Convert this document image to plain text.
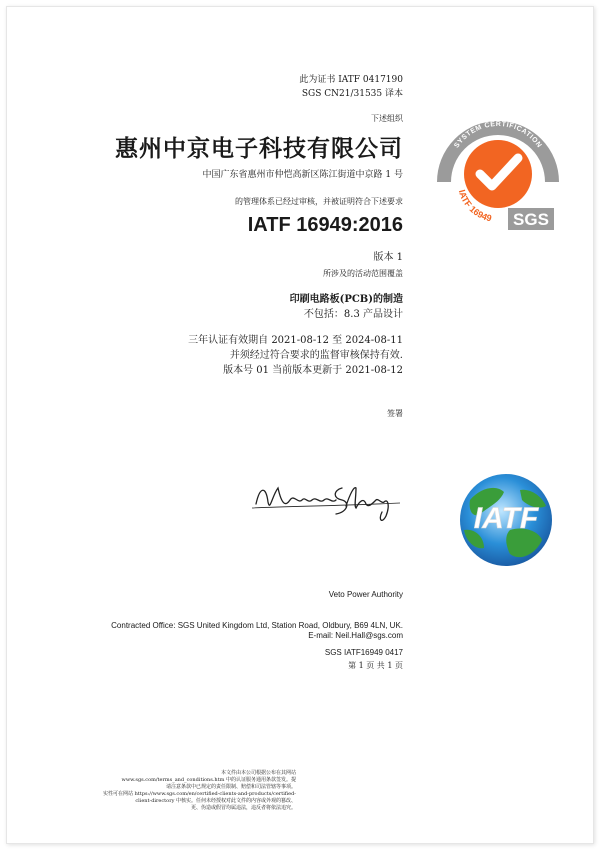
此为证书 IATF 0417190
SGS CN21/31535 译本
下述组织
惠州中京电子科技有限公司
中国广东省惠州市仲恺高新区陈江街道中京路 1 号
的管理体系已经过审核，并被证明符合下述要求
IATF 16949:2016
版本 1
所涉及的活动范围覆盖
印刷电路板(PCB)的制造
不包括：8.3 产品设计
三年认证有效期自 2021-08-12 至 2024-08-11
并须经过符合要求的监督审核保持有效.
版本号 01 当前版本更新于 2021-08-12
签署
Veto Power Authority
Contracted Office: SGS United Kingdom Ltd, Station Road, Oldbury, B69 4LN, UK.
E-mail: Neil.Hall@sgs.com
SGS IATF16949 0417
第 1 页 共 1 页
本文件由本公司根据公布在其网站
www.sgs.com/terms_and_conditions.htm 中的认证服务通用条款签发。提
请注意条款中已规定的责任限制、赔偿和司法管辖等事项。
实性可在网站 https://www.sgs.com/en/certified-clients-and-products/certified-
client-directory 中核实。任何未经授权对此文件的内容或外观的篡改、
更、伪造或假冒均属违法，违反者将依法追究。
SYSTEM CERTIFICATION
IATF 16949 SGS
IATF
